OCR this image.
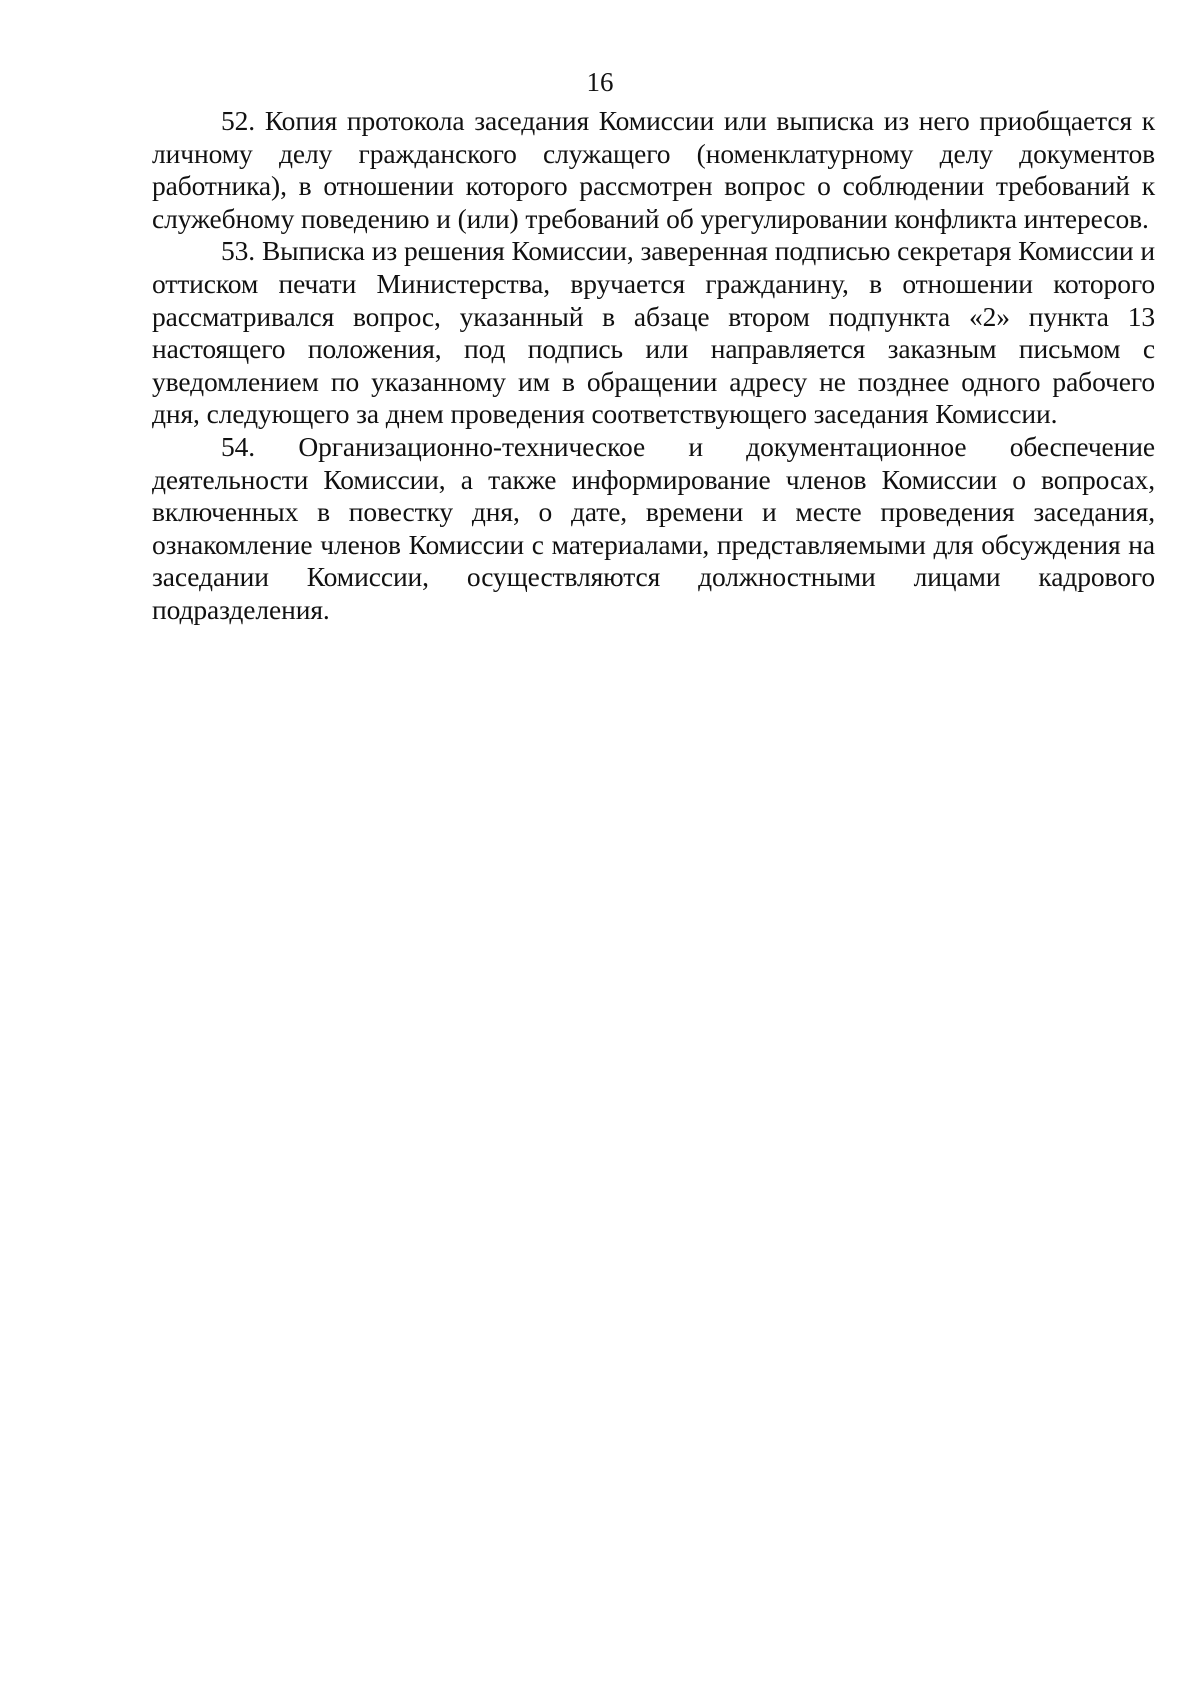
16

52. Копия протокола заседания Комиссии или выписка из него приобщается к личному делу гражданского служащего (номенклатурному делу документов работника), в отношении которого рассмотрен вопрос о соблюдении требований к служебному поведению и (или) требований об урегулировании конфликта интересов.

53. Выписка из решения Комиссии, заверенная подписью секретаря Комиссии и оттиском печати Министерства, вручается гражданину, в отношении которого рассматривался вопрос, указанный в абзаце втором подпункта «2» пункта 13 настоящего положения, под подпись или направляется заказным письмом с уведомлением по указанному им в обращении адресу не позднее одного рабочего дня, следующего за днем проведения соответствующего заседания Комиссии.

54. Организационно-техническое и документационное обеспечение деятельности Комиссии, а также информирование членов Комиссии о вопросах, включенных в повестку дня, о дате, времени и месте проведения заседания, ознакомление членов Комиссии с материалами, представляемыми для обсуждения на заседании Комиссии, осуществляются должностными лицами кадрового подразделения.
